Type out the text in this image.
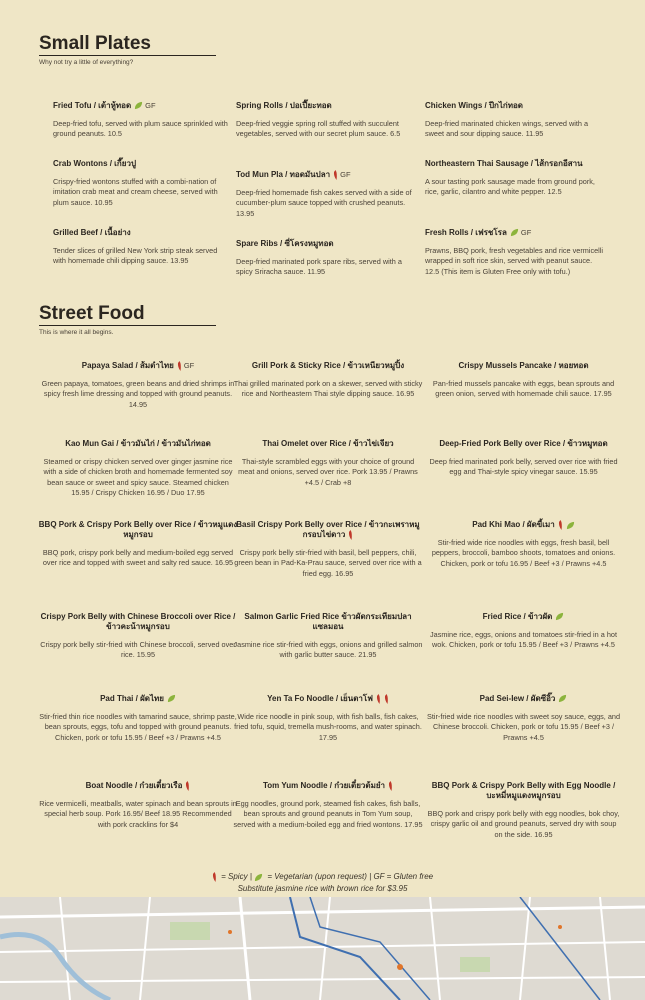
Small Plates
Why not try a little of everything?
Fried Tofu / เต้าหู้ทอด GF
Deep-fried tofu, served with plum sauce sprinkled with ground peanuts. 10.5
Spring Rolls / ปอเปี๊ยะทอด
Deep-fried veggie spring roll stuffed with succulent vegetables, served with our secret plum sauce. 6.5
Chicken Wings / ปีกไก่ทอด
Deep-fried marinated chicken wings, served with a sweet and sour dipping sauce. 11.95
Crab Wontons / เกี๊ยวปู
Crispy-fried wontons stuffed with a combi-nation of imitation crab meat and cream cheese, served with plum sauce. 10.95
Tod Mun Pla / ทอดมันปลา GF
Deep-fried homemade fish cakes served with a side of cucumber-plum sauce topped with crushed peanuts. 13.95
Northeastern Thai Sausage / ไส้กรอกอีสาน
A sour tasting pork sausage made from ground pork, rice, garlic, cilantro and white pepper. 12.5
Grilled Beef / เนื้อย่าง
Tender slices of grilled New York strip steak served with homemade chili dipping sauce. 13.95
Spare Ribs / ซี่โครงหมูทอด
Deep-fried marinated pork spare ribs, served with a spicy Sriracha sauce. 11.95
Fresh Rolls / เฟรชโรล GF
Prawns, BBQ pork, fresh vegetables and rice vermicelli wrapped in soft rice skin, served with peanut sauce. 12.5 (This item is Gluten Free only with tofu.)
Street Food
This is where it all begins.
Papaya Salad / ส้มตำไทย GF
Green papaya, tomatoes, green beans and dried shrimps in spicy fresh lime dressing and topped with ground peanuts. 14.95
Grill Pork & Sticky Rice / ข้าวเหนียวหมูปิ้ง
Thai grilled marinated pork on a skewer, served with sticky rice and Northeastern Thai style dipping sauce. 16.95
Crispy Mussels Pancake / หอยทอด
Pan-fried mussels pancake with eggs, bean sprouts and green onion, served with homemade chili sauce. 17.95
Kao Mun Gai / ข้าวมันไก่ / ข้าวมันไก่ทอด
Steamed or crispy chicken served over ginger jasmine rice with a side of chicken broth and homemade fermented soy bean sauce or sweet and spicy sauce. Steamed chicken 15.95 / Crispy Chicken 16.95 / Duo 17.95
Thai Omelet over Rice / ข้าวไข่เจียว
Thai-style scrambled eggs with your choice of ground meat and onions, served over rice. Pork 13.95 / Prawns +4.5 / Crab +8
Deep-Fried Pork Belly over Rice / ข้าวหมูทอด
Deep fried marinated pork belly, served over rice with fried egg and Thai-style spicy vinegar sauce. 15.95
BBQ Pork & Crispy Pork Belly over Rice / ข้าวหมูแดงหมูกรอบ
BBQ pork, crispy pork belly and medium-boiled egg served over rice and topped with sweet and salty red sauce. 16.95
Basil Crispy Pork Belly over Rice / ข้าวกะเพราหมูกรอบไข่ดาว
Crispy pork belly stir-fried with basil, bell peppers, chili, green bean in Pad-Ka-Prau sauce, served over rice with a fried egg. 16.95
Pad Khi Mao / ผัดขี้เมา
Stir-fried wide rice noodles with eggs, fresh basil, bell peppers, broccoli, bamboo shoots, tomatoes and onions. Chicken, pork or tofu 16.95 / Beef +3 / Prawns +4.5
Crispy Pork Belly with Chinese Broccoli over Rice / ข้าวคะน้าหมูกรอบ
Crispy pork belly stir-fried with Chinese broccoli, served over rice. 15.95
Salmon Garlic Fried Rice ข้าวผัดกระเทียมปลาแซลมอน
Jasmine rice stir-fried with eggs, onions and grilled salmon with garlic butter sauce. 21.95
Fried Rice / ข้าวผัด
Jasmine rice, eggs, onions and tomatoes stir-fried in a hot wok. Chicken, pork or tofu 15.95 / Beef +3 / Prawns +4.5
Pad Thai / ผัดไทย
Stir-fried thin rice noodles with tamarind sauce, shrimp paste, bean sprouts, eggs, tofu and topped with ground peanuts. Chicken, pork or tofu 15.95 / Beef +3 / Prawns +4.5
Yen Ta Fo Noodle / เย็นตาโฟ
Wide rice noodle in pink soup, with fish balls, fish cakes, fried tofu, squid, tremella mush-rooms, and water spinach. 17.95
Pad Sei-Iew / ผัดซีอิ๊ว
Stir-fried wide rice noodles with sweet soy sauce, eggs, and Chinese broccoli. Chicken, pork or tofu 15.95 / Beef +3 / Prawns +4.5
Boat Noodle / ก๋วยเตี๋ยวเรือ
Rice vermicelli, meatballs, water spinach and bean sprouts in special herb soup. Pork 16.95/ Beef 18.95 Recommended with pork cracklins for $4
Tom Yum Noodle / ก๋วยเตี๋ยวต้มยำ
Egg noodles, ground pork, steamed fish cakes, fish balls, bean sprouts and ground peanuts in Tom Yum soup, served with a medium-boiled egg and fried wontons. 17.95
BBQ Pork & Crispy Pork Belly with Egg Noodle / บะหมี่หมูแดงหมูกรอบ
BBQ pork and crispy pork belly with egg noodles, bok choy, crispy garlic oil and ground peanuts, served dry with soup on the side. 16.95
= Spicy | = Vegetarian (upon request) | GF = Gluten free
Substitute jasmine rice with brown rice for $3.95
